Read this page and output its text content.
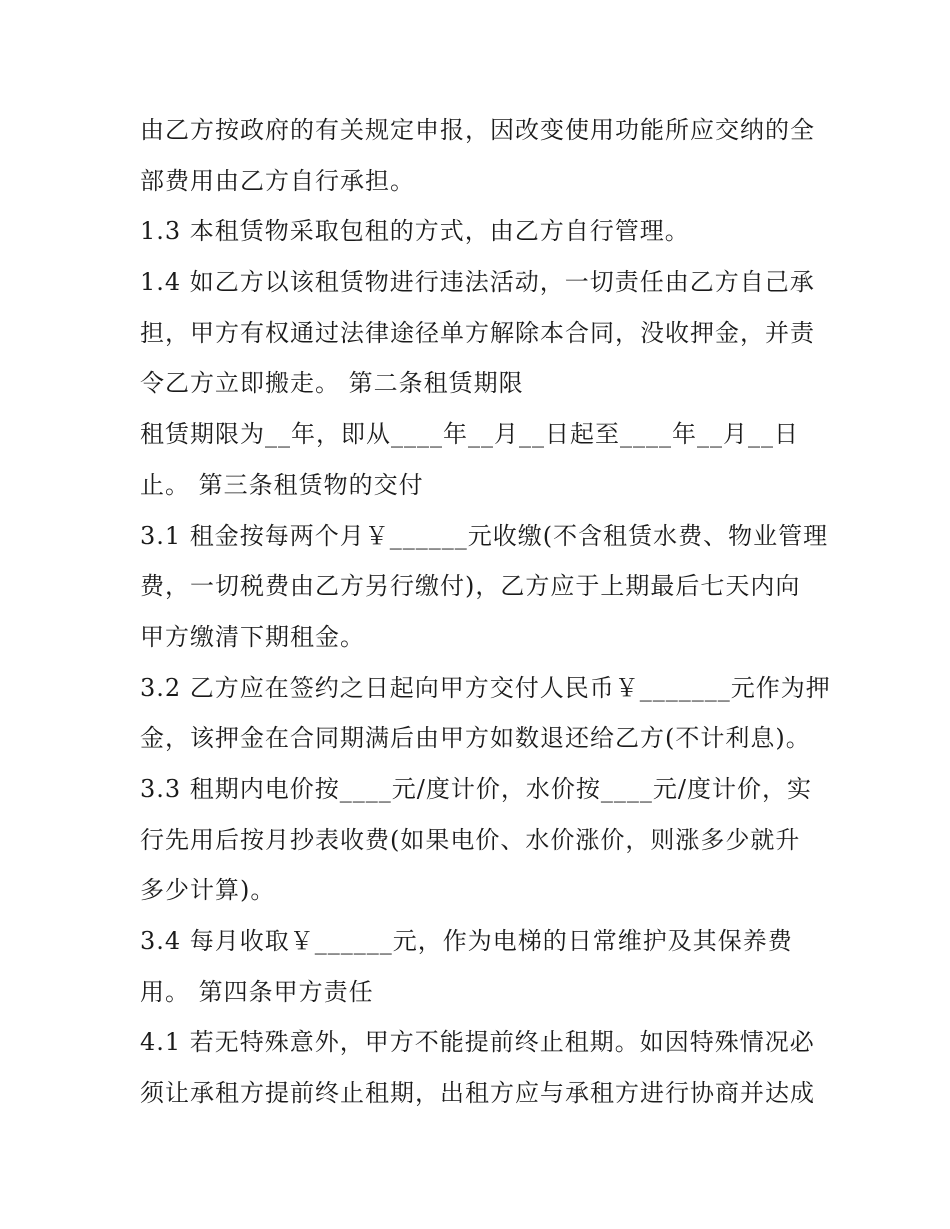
由乙方按政府的有关规定申报，因改变使用功能所应交纳的全
部费用由乙方自行承担。
1.3 本租赁物采取包租的方式，由乙方自行管理。
1.4 如乙方以该租赁物进行违法活动，一切责任由乙方自己承
担，甲方有权通过法律途径单方解除本合同，没收押金，并责
令乙方立即搬走。 第二条租赁期限
租赁期限为__年，即从____年__月__日起至____年__月__日
止。 第三条租赁物的交付
3.1 租金按每两个月￥______元收缴(不含租赁水费、物业管理
费，一切税费由乙方另行缴付)，乙方应于上期最后七天内向
甲方缴清下期租金。
3.2 乙方应在签约之日起向甲方交付人民币￥_______元作为押
金，该押金在合同期满后由甲方如数退还给乙方(不计利息)。
3.3 租期内电价按____元/度计价，水价按____元/度计价，实
行先用后按月抄表收费(如果电价、水价涨价，则涨多少就升
多少计算)。
3.4 每月收取￥______元，作为电梯的日常维护及其保养费
用。 第四条甲方责任
4.1 若无特殊意外，甲方不能提前终止租期。如因特殊情况必
须让承租方提前终止租期，出租方应与承租方进行协商并达成
